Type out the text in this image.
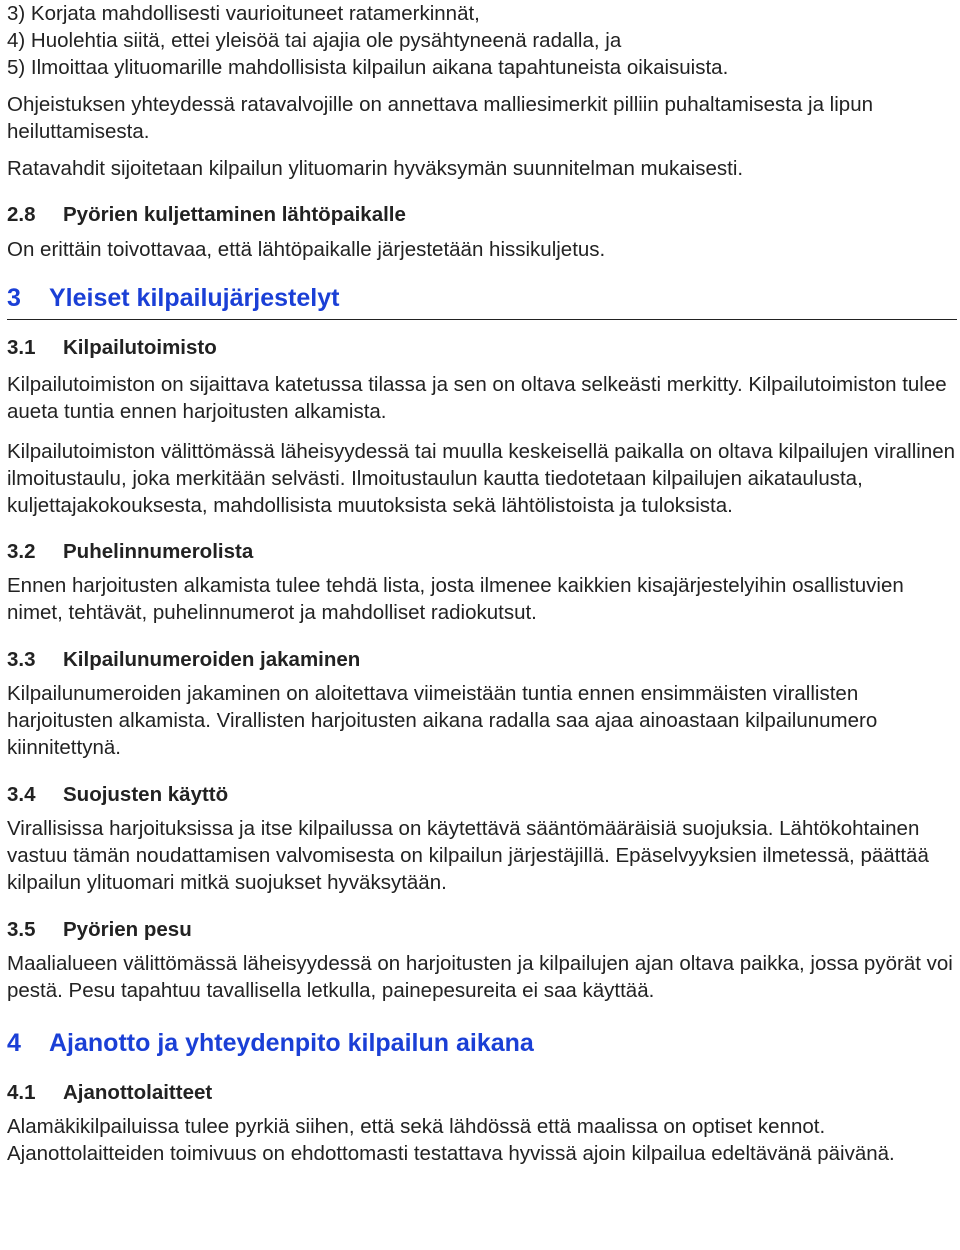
3) Korjata mahdollisesti vaurioituneet ratamerkinnät,

4) Huolehtia siitä, ettei yleisöä tai ajajia ole pysähtyneenä radalla, ja

5) Ilmoittaa ylituomarille mahdollisista kilpailun aikana tapahtuneista oikaisuista.

Ohjeistuksen yhteydessä ratavalvojille on annettava malliesimerkit pilliin puhaltamisesta ja lipun heiluttamisesta.

Ratavahdit sijoitetaan kilpailun ylituomarin hyväksymän suunnitelman mukaisesti.

2.8 Pyörien kuljettaminen lähtöpaikalle

On erittäin toivottavaa, että lähtöpaikalle järjestetään hissikuljetus.

3 Yleiset kilpailujärjestelyt
3.1 Kilpailutoimisto

Kilpailutoimiston on sijaittava katetussa tilassa ja sen on oltava selkeästi merkitty. Kilpailutoimiston tulee aueta tuntia ennen harjoitusten alkamista.

Kilpailutoimiston välittömässä läheisyydessä tai muulla keskeisellä paikalla on oltava kilpailujen virallinen ilmoitustaulu, joka merkitään selvästi. Ilmoitustaulun kautta tiedotetaan kilpailujen aikataulusta, kuljettajakokouksesta, mahdollisista muutoksista sekä lähtölistoista ja tuloksista.

3.2 Puhelinnumerolista

Ennen harjoitusten alkamista tulee tehdä lista, josta ilmenee kaikkien kisajärjestelyihin osallistuvien nimet, tehtävät, puhelinnumerot ja mahdolliset radiokutsut.

3.3 Kilpailunumeroiden jakaminen

Kilpailunumeroiden jakaminen on aloitettava viimeistään tuntia ennen ensimmäisten virallisten harjoitusten alkamista. Virallisten harjoitusten aikana radalla saa ajaa ainoastaan kilpailunumero kiinnitettynä.

3.4 Suojusten käyttö

Virallisissa harjoituksissa ja itse kilpailussa on käytettävä sääntömääräisiä suojuksia. Lähtökohtainen vastuu tämän noudattamisen valvomisesta on kilpailun järjestäjillä. Epäselvyyksien ilmetessä, päättää kilpailun ylituomari mitkä suojukset hyväksytään.

3.5 Pyörien pesu

Maalialueen välittömässä läheisyydessä on harjoitusten ja kilpailujen ajan oltava paikka, jossa pyörät voi pestä. Pesu tapahtuu tavallisella letkulla, painepesureita ei saa käyttää.

4 Ajanotto ja yhteydenpito kilpailun aikana
4.1 Ajanottolaitteet

Alamäkikilpailuissa tulee pyrkiä siihen, että sekä lähdössä että maalissa on optiset kennot. Ajanottolaitteiden toimivuus on ehdottomasti testattava hyvissä ajoin kilpailua edeltävänä päivänä.
